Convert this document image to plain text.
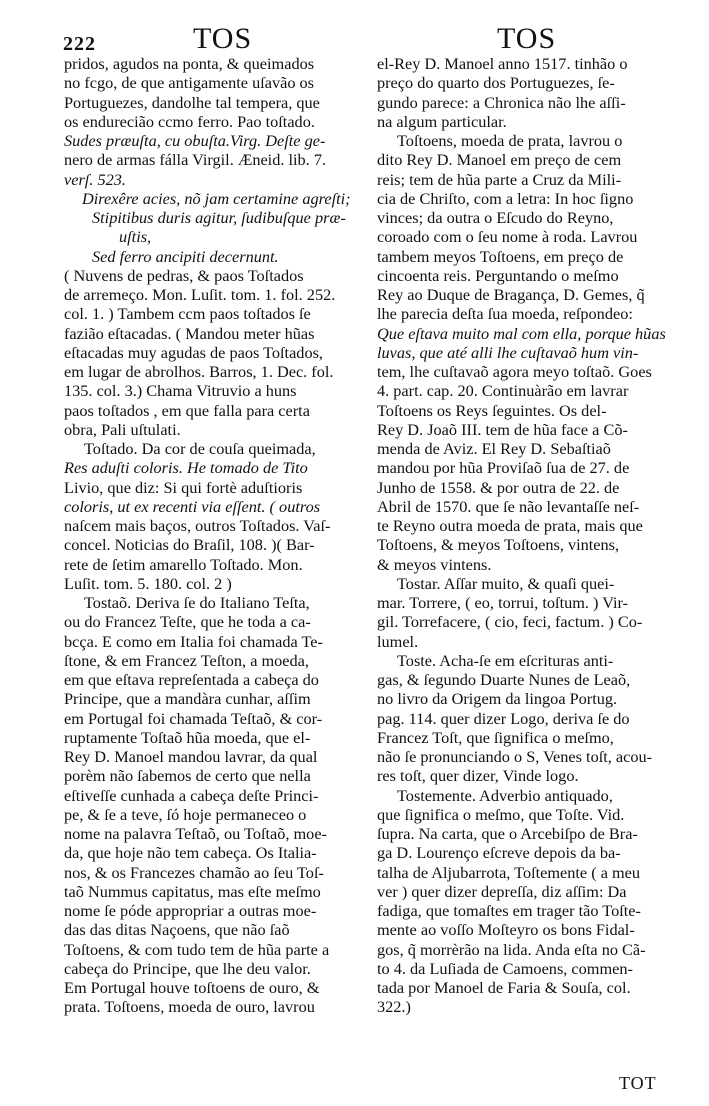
222	TOS	TOS
pridos, agudos na ponta, & queimados
no fcgo, de que antigamente uſavão os
Portuguezes, dandolhe tal tempera, que
os endurecião ccmo ferro. Pao toſtado.
Sudes præuſta, cu obuſta.Virg. Deſte ge-
nero de armas fálla Virgil. Æneid. lib. 7.
verſ. 523.
Direxêre acies, nõ jam certamine agreſti;
Stipitibus duris agitur, ſudibuſque præ-
uſtis,
Sed ferro ancipiti decernunt.
( Nuvens de pedras, & paos Toſtados
de arremeço. Mon. Luſit. tom. 1. fol. 252.
col. 1. ) Tambem ccm paos toſtados ſe
fazião eſtacadas. ( Mandou meter hũas
eſtacadas muy agudas de paos Toſtados,
em lugar de abrolhos. Barros, 1. Dec. fol.
135. col. 3.) Chama Vitruvio a huns
paos toſtados , em que falla para certa
obra, Pali uſtulati.
Toſtado. Da cor de couſa queimada,
Res aduſti coloris. He tomado de Tito
Livio, que diz: Si qui fortè aduſtioris
coloris, ut ex recenti via eſſent. ( outros
naſcem mais baços, outros Toſtados. Vaſ-
concel. Noticias do Braſil, 108. )( Bar-
rete de ſetim amarello Toſtado. Mon.
Luſit. tom. 5. 180. col. 2 )
Tostaõ. Deriva ſe do Italiano Teſta,
ou do Francez Teſte, que he toda a ca-
bcça. E como em Italia foi chamada Te-
ſtone, & em Francez Teſton, a moeda,
em que eſtava repreſentada a cabeça do
Principe, que a mandàra cunhar, aſſim
em Portugal foi chamada Teſtaõ, & cor-
ruptamente Toſtaõ hũa moeda, que el-
Rey D. Manoel mandou lavrar, da qual
porèm não ſabemos de certo que nella
eſtiveſſe cunhada a cabeça deſte Princi-
pe, & ſe a teve, ſó hoje permaneceo o
nome na palavra Teſtaõ, ou Toſtaõ, moe-
da, que hoje não tem cabeça. Os Italia-
nos, & os Francezes chamão ao ſeu Toſ-
taõ Nummus capitatus, mas eſte meſmo
nome ſe póde appropriar a outras moe-
das das ditas Naçoens, que não ſaõ
Toſtoens, & com tudo tem de hũa parte a
cabeça do Principe, que lhe deu valor.
Em Portugal houve toſtoens de ouro, &
prata. Toſtoens, moeda de ouro, lavrou
el-Rey D. Manoel anno 1517. tinhão o
preço do quarto dos Portuguezes, ſe-
gundo parece: a Chronica não lhe aſſi-
na algum particular.
Toſtoens, moeda de prata, lavrou o
dito Rey D. Manoel em preço de cem
reis; tem de hũa parte a Cruz da Mili-
cia de Chriſto, com a letra: In hoc ſigno
vinces; da outra o Eſcudo do Reyno,
coroado com o ſeu nome à roda. Lavrou
tambem meyos Toſtoens, em preço de
cincoenta reis. Perguntando o meſmo
Rey ao Duque de Bragança, D. Gemes, q̃
lhe parecia deſta ſua moeda, reſpondeo:
Que eſtava muito mal com ella, porque hũas
luvas, que até alli lhe cuſtavaõ hum vin-
tem, lhe cuſtavaõ agora meyo toſtaõ. Goes
4. part. cap. 20. Continuàrão em lavrar
Toſtoens os Reys ſeguintes. Os del-
Rey D. Joaõ III. tem de hũa face a Cõ-
menda de Aviz. El Rey D. Sebaſtiaõ
mandou por hũa Proviſaõ ſua de 27. de
Junho de 1558. & por outra de 22. de
Abril de 1570. que ſe não levantaſſe neſ-
te Reyno outra moeda de prata, mais que
Toſtoens, & meyos Toſtoens, vintens,
& meyos vintens.
Tostar. Aſſar muito, & quaſi quei-
mar. Torrere, ( eo, torrui, toſtum. ) Vir-
gil. Torrefacere, ( cio, feci, factum. ) Co-
lumel.
Toste. Acha-ſe em eſcrituras anti-
gas, & ſegundo Duarte Nunes de Leaõ,
no livro da Origem da lingoa Portug.
pag. 114. quer dizer Logo, deriva ſe do
Francez Toſt, que ſignifica o meſmo,
não ſe pronunciando o S, Venes toſt, acou-
res toſt, quer dizer, Vinde logo.
Tostemente. Adverbio antiquado,
que ſignifica o meſmo, que Toſte. Vid.
ſupra. Na carta, que o Arcebiſpo de Bra-
ga D. Lourenço eſcreve depois da ba-
talha de Aljubarrota, Toſtemente ( a meu
ver ) quer dizer depreſſa, diz aſſim: Da
fadiga, que tomaſtes em trager tão Toſte-
mente ao voſſo Moſteyro os bons Fidal-
gos, q̃ morrèrão na lida. Anda eſta no Cã-
to 4. da Luſiada de Camoens, commen-
tada por Manoel de Faria & Souſa, col.
322.)
TOT
